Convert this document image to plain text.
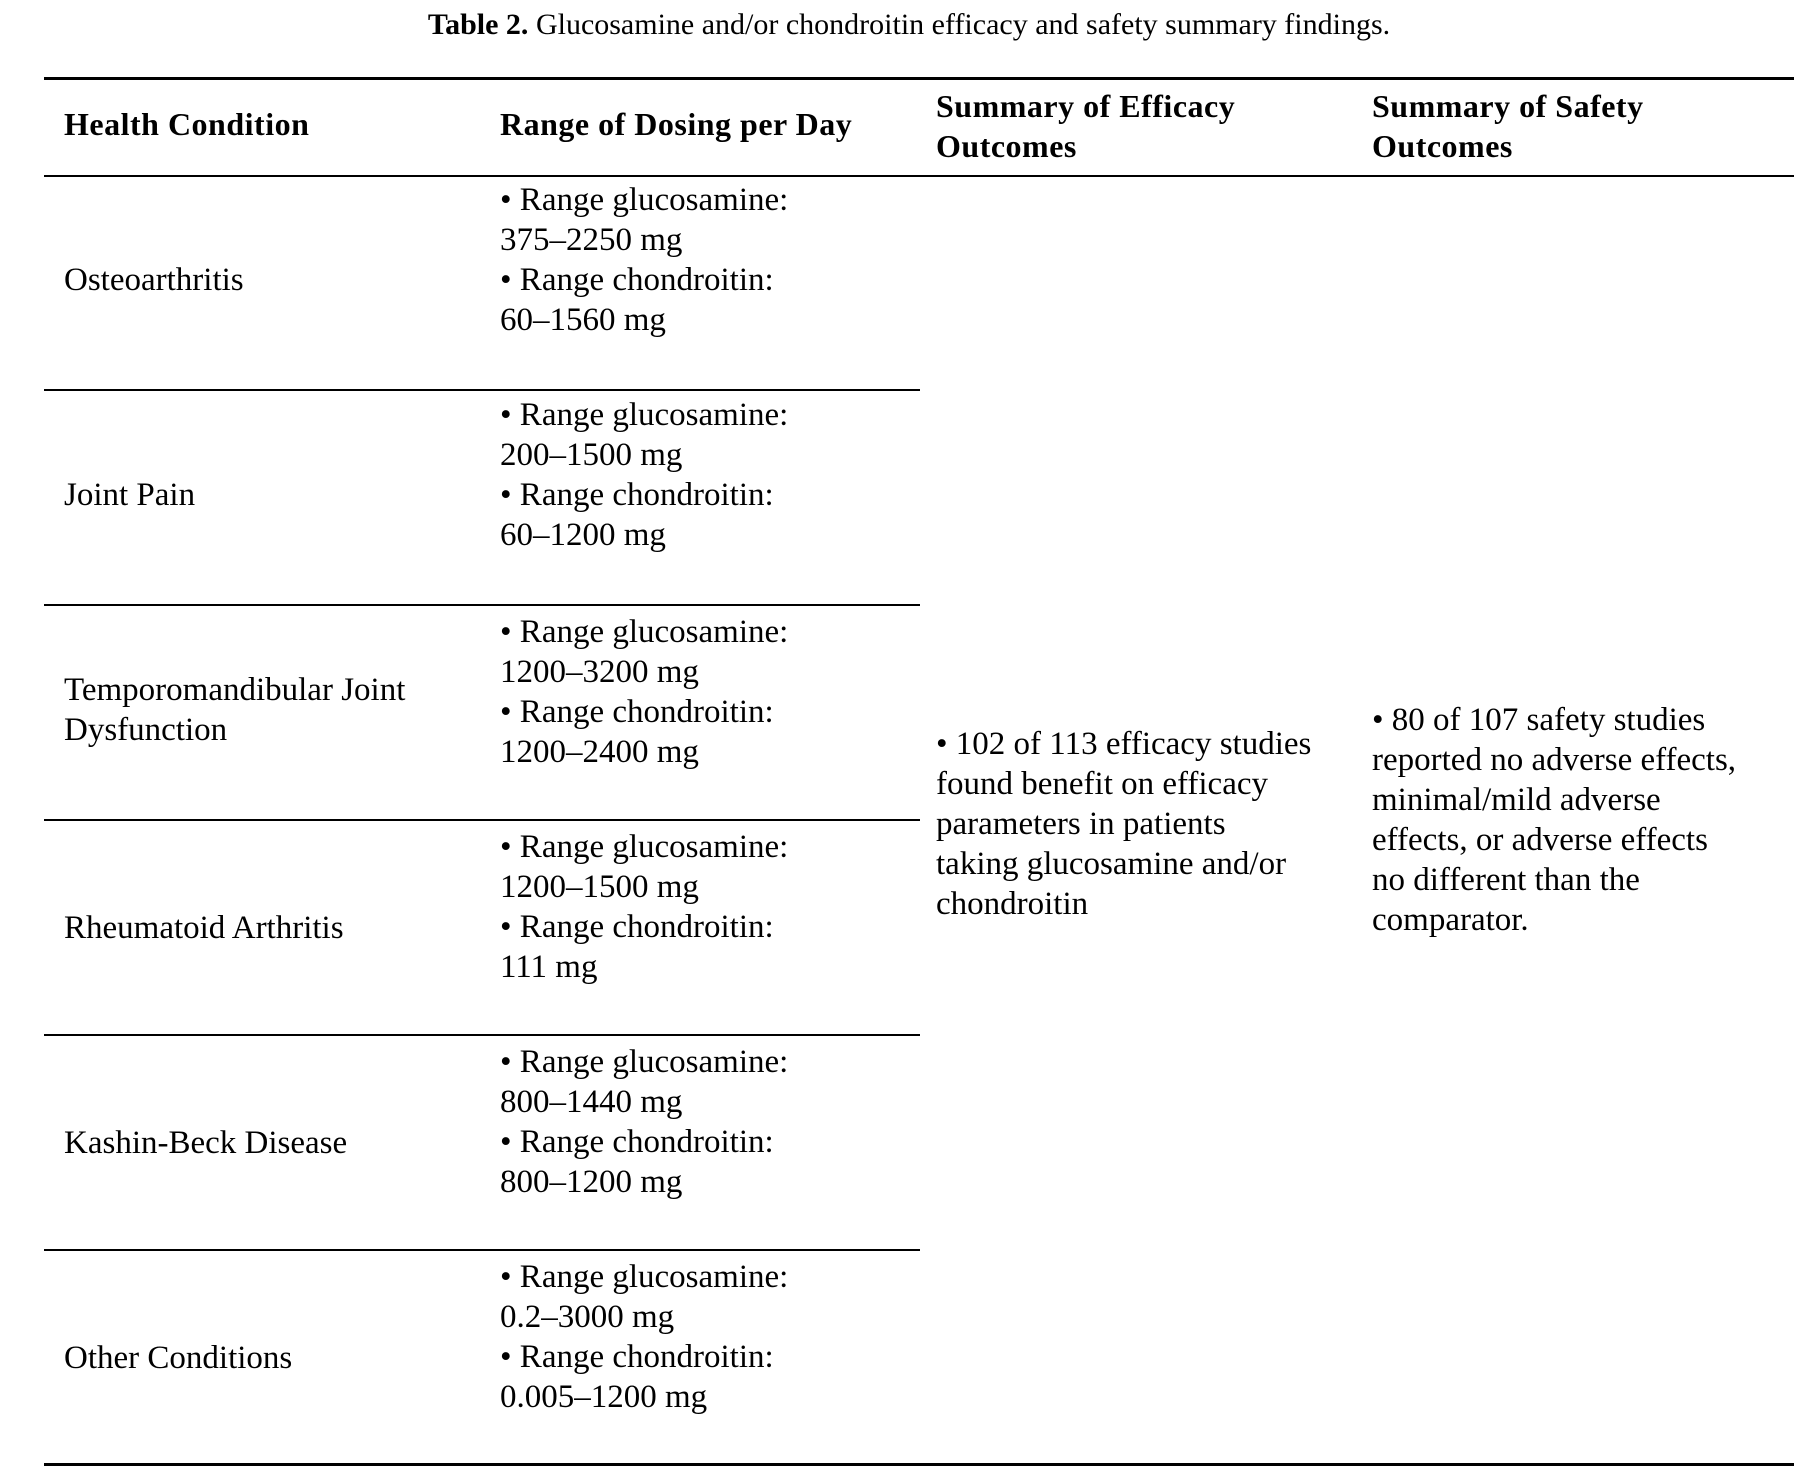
Table 2. Glucosamine and/or chondroitin efficacy and safety summary findings.
Health Condition	Range of Dosing per Day	Summary of Efficacy
Outcomes
Summary of Safety
Outcomes
Osteoarthritis
• Range glucosamine:
375–2250 mg
• Range chondroitin:
60–1560 mg
Joint Pain
• Range glucosamine:
200–1500 mg
• Range chondroitin:
60–1200 mg
Temporomandibular Joint
Dysfunction
• Range glucosamine:
1200–3200 mg
• Range chondroitin:
1200–2400 mg
Rheumatoid Arthritis
• Range glucosamine:
1200–1500 mg
• Range chondroitin:
111 mg
Kashin-Beck Disease
• Range glucosamine:
800–1440 mg
• Range chondroitin:
800–1200 mg
Other Conditions
• Range glucosamine:
0.2–3000 mg
• Range chondroitin:
0.005–1200 mg
• 102 of 113 efficacy studies
found benefit on efficacy
parameters in patients
taking glucosamine and/or
chondroitin
• 80 of 107 safety studies
reported no adverse effects,
minimal/mild adverse
effects, or adverse effects
no different than the
comparator.
